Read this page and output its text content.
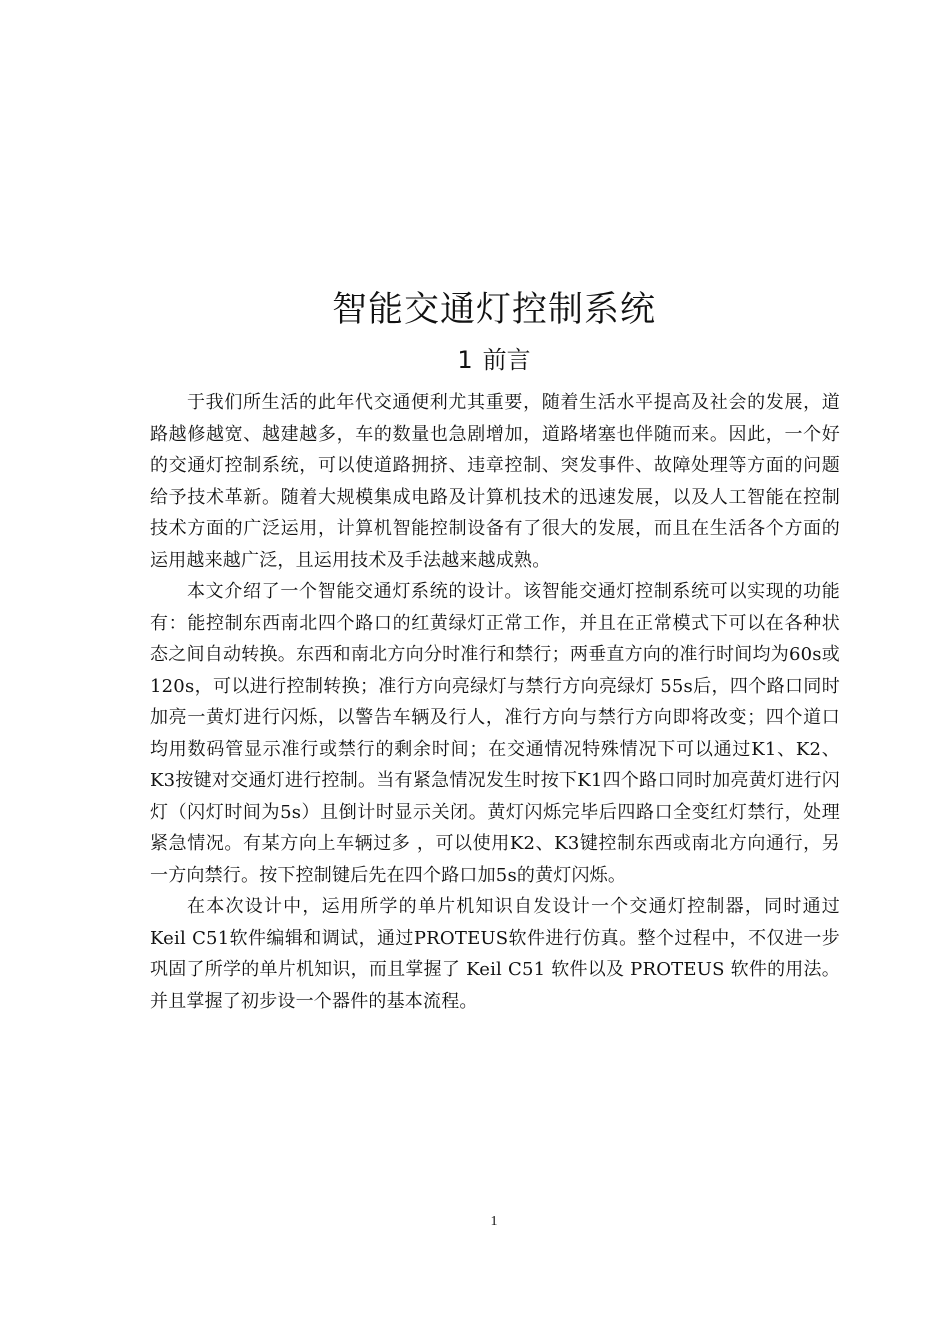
智能交通灯控制系统
1 前言

于我们所生活的此年代交通便利尤其重要，随着生活水平提高及社会的发展，道路越修越宽、越建越多，车的数量也急剧增加，道路堵塞也伴随而来。因此，一个好的交通灯控制系统，可以使道路拥挤、违章控制、突发事件、故障处理等方面的问题给予技术革新。随着大规模集成电路及计算机技术的迅速发展，以及人工智能在控制技术方面的广泛运用，计算机智能控制设备有了很大的发展，而且在生活各个方面的运用越来越广泛，且运用技术及手法越来越成熟。

本文介绍了一个智能交通灯系统的设计。该智能交通灯控制系统可以实现的功能有：能控制东西南北四个路口的红黄绿灯正常工作，并且在正常模式下可以在各种状态之间自动转换。东西和南北方向分时准行和禁行；两垂直方向的准行时间均为60s或120s，可以进行控制转换；准行方向亮绿灯与禁行方向亮绿灯 55s后，四个路口同时加亮一黄灯进行闪烁，以警告车辆及行人，准行方向与禁行方向即将改变；四个道口均用数码管显示准行或禁行的剩余时间；在交通情况特殊情况下可以通过K1、K2、K3按键对交通灯进行控制。当有紧急情况发生时按下K1四个路口同时加亮黄灯进行闪灯（闪灯时间为5s）且倒计时显示关闭。黄灯闪烁完毕后四路口全变红灯禁行，处理紧急情况。有某方向上车辆过多 ，可以使用K2、K3键控制东西或南北方向通行，另一方向禁行。按下控制键后先在四个路口加5s的黄灯闪烁。

在本次设计中，运用所学的单片机知识自发设计一个交通灯控制器，同时通过Keil C51软件编辑和调试，通过PROTEUS软件进行仿真。整个过程中，不仅进一步巩固了所学的单片机知识，而且掌握了 Keil C51 软件以及 PROTEUS 软件的用法。并且掌握了初步设一个器件的基本流程。

1
